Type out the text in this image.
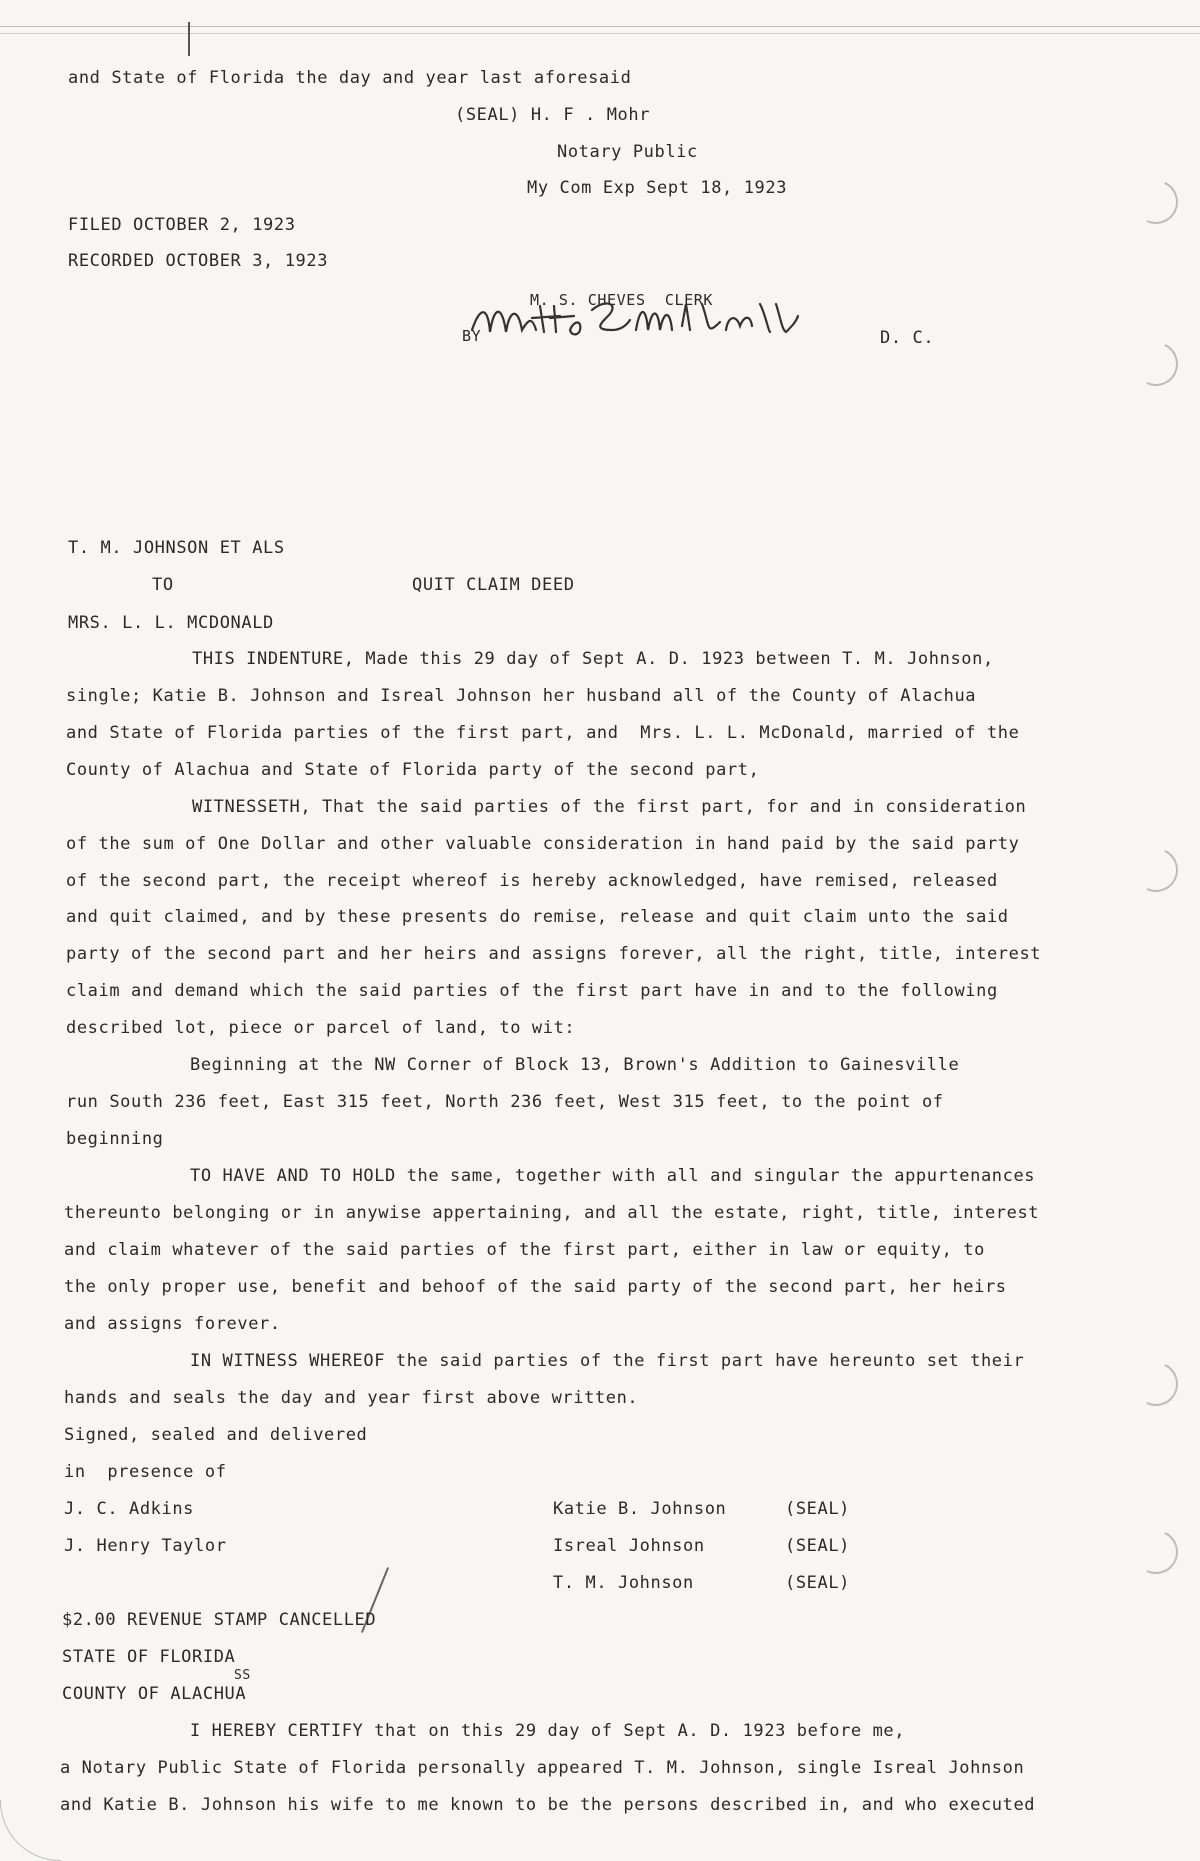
and State of Florida the day and year last aforesaid
(SEAL) H. F . Mohr
Notary Public
My Com Exp Sept 18, 1923
FILED OCTOBER 2, 1923
RECORDED OCTOBER 3, 1923
M. S. CHEVES  CLERK
BY	D. C.
T. M. JOHNSON ET ALS
TO	QUIT CLAIM DEED
MRS. L. L. MCDONALD
THIS INDENTURE, Made this 29 day of Sept A. D. 1923 between T. M. Johnson,
single; Katie B. Johnson and Isreal Johnson her husband all of the County of Alachua
and State of Florida parties of the first part, and  Mrs. L. L. McDonald, married of the
County of Alachua and State of Florida party of the second part,
WITNESSETH, That the said parties of the first part, for and in consideration
of the sum of One Dollar and other valuable consideration in hand paid by the said party
of the second part, the receipt whereof is hereby acknowledged, have remised, released
and quit claimed, and by these presents do remise, release and quit claim unto the said
party of the second part and her heirs and assigns forever, all the right, title, interest
claim and demand which the said parties of the first part have in and to the following
described lot, piece or parcel of land, to wit:
Beginning at the NW Corner of Block 13, Brown's Addition to Gainesville
run South 236 feet, East 315 feet, North 236 feet, West 315 feet, to the point of
beginning
TO HAVE AND TO HOLD the same, together with all and singular the appurtenances
thereunto belonging or in anywise appertaining, and all the estate, right, title, interest
and claim whatever of the said parties of the first part, either in law or equity, to
the only proper use, benefit and behoof of the said party of the second part, her heirs
and assigns forever.
IN WITNESS WHEREOF the said parties of the first part have hereunto set their
hands and seals the day and year first above written.
Signed, sealed and delivered
in  presence of
J. C. Adkins
J. Henry Taylor
Katie B. Johnson
Isreal Johnson
T. M. Johnson
(SEAL)
(SEAL)
(SEAL)
$2.00 REVENUE STAMP CANCELLED
STATE OF FLORIDA
COUNTY OF ALACHUA
SS
I HEREBY CERTIFY that on this 29 day of Sept A. D. 1923 before me,
a Notary Public State of Florida personally appeared T. M. Johnson, single Isreal Johnson
and Katie B. Johnson his wife to me known to be the persons described in, and who executed
